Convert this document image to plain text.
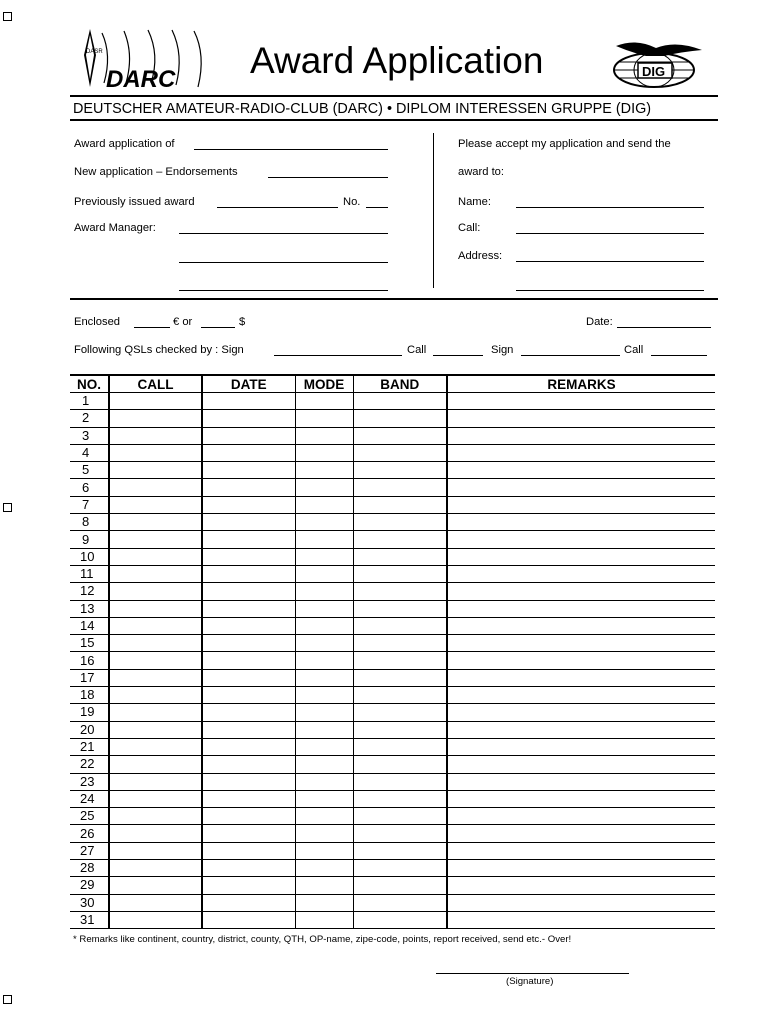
DASR
DARC Award Application	DIG
DEUTSCHER AMATEUR-RADIO-CLUB (DARC) • DIPLOM INTERESSEN GRUPPE (DIG)
Award application of
New application – Endorsements
Previously issued award	No.
Award Manager:
Please accept my application and send the
award to:
Name:
Call:
Address:
Enclosed	€ or	$	Date:
Following QSLs checked by : Sign	Call	Sign	Call
NO.	CALL	DATE	MODE	BAND	REMARKS
1					
2					
3					
4					
5					
6					
7					
8					
9					
10					
11					
12					
13					
14					
15					
16					
17					
18					
19					
20					
21					
22					
23					
24					
25					
26					
27					
28					
29					
30					
31					
* Remarks like continent, country, district, county, QTH, OP-name, zipe-code, points, report received, send etc.- Over!
(Signature)
